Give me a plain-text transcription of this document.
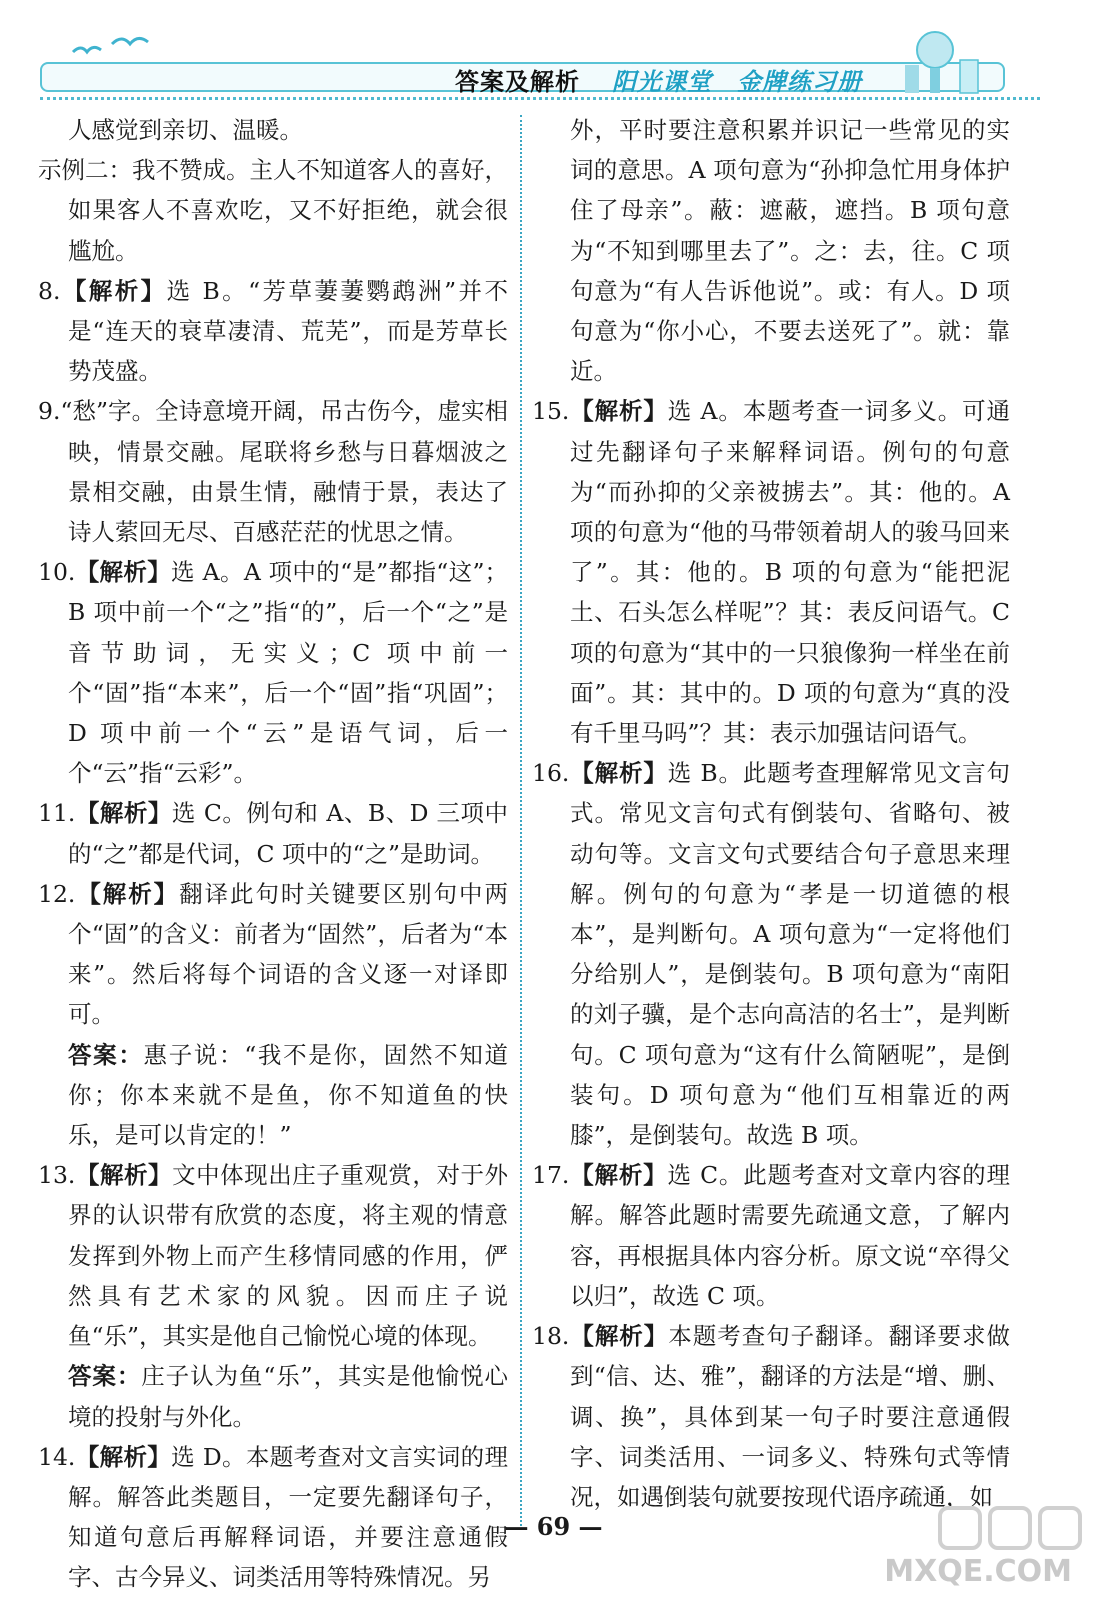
答案及解析 阳光课堂　金牌练习册

人感觉到亲切、温暖。

示例二：我不赞成。主人不知道客人的喜好，如果客人不喜欢吃，又不好拒绝，就会很尴尬。

8.【解析】选 B。“芳草萋萋鹦鹉洲”并不是“连天的衰草凄清、荒芜”，而是芳草长势茂盛。

9.“愁”字。全诗意境开阔，吊古伤今，虚实相映，情景交融。尾联将乡愁与日暮烟波之景相交融，由景生情，融情于景，表达了诗人萦回无尽、百感茫茫的忧思之情。

10.【解析】选 A。A 项中的“是”都指“这”；B 项中前一个“之”指“的”，后一个“之”是音节助词，无实义；C 项中前一个“固”指“本来”，后一个“固”指“巩固”；D 项中前一个“云”是语气词，后一个“云”指“云彩”。

11.【解析】选 C。例句和 A、B、D 三项中的“之”都是代词，C 项中的“之”是助词。

12.【解析】翻译此句时关键要区别句中两个“固”的含义：前者为“固然”，后者为“本来”。然后将每个词语的含义逐一对译即可。

答案：惠子说：“我不是你，固然不知道你；你本来就不是鱼，你不知道鱼的快乐，是可以肯定的！”

13.【解析】文中体现出庄子重观赏，对于外界的认识带有欣赏的态度，将主观的情意发挥到外物上而产生移情同感的作用，俨然具有艺术家的风貌。因而庄子说鱼“乐”，其实是他自己愉悦心境的体现。

答案：庄子认为鱼“乐”，其实是他愉悦心境的投射与外化。

14.【解析】选 D。本题考查对文言实词的理解。解答此类题目，一定要先翻译句子，知道句意后再解释词语，并要注意通假字、古今异义、词类活用等特殊情况。另

外，平时要注意积累并识记一些常见的实词的意思。A 项句意为“孙抑急忙用身体护住了母亲”。蔽：遮蔽，遮挡。B 项句意为“不知到哪里去了”。之：去，往。C 项句意为“有人告诉他说”。或：有人。D 项句意为“你小心，不要去送死了”。就：靠近。

15.【解析】选 A。本题考查一词多义。可通过先翻译句子来解释词语。例句的句意为“而孙抑的父亲被掳去”。其：他的。A 项的句意为“他的马带领着胡人的骏马回来了”。其：他的。B 项的句意为“能把泥土、石头怎么样呢”？其：表反问语气。C 项的句意为“其中的一只狼像狗一样坐在前面”。其：其中的。D 项的句意为“真的没有千里马吗”？其：表示加强诘问语气。

16.【解析】选 B。此题考查理解常见文言句式。常见文言句式有倒装句、省略句、被动句等。文言文句式要结合句子意思来理解。例句的句意为“孝是一切道德的根本”，是判断句。A 项句意为“一定将他们分给别人”，是倒装句。B 项句意为“南阳的刘子骥，是个志向高洁的名士”，是判断句。C 项句意为“这有什么简陋呢”，是倒装句。D 项句意为“他们互相靠近的两膝”，是倒装句。故选 B 项。

17.【解析】选 C。此题考查对文章内容的理解。解答此题时需要先疏通文意，了解内容，再根据具体内容分析。原文说“卒得父以归”，故选 C 项。

18.【解析】本题考查句子翻译。翻译要求做到“信、达、雅”，翻译的方法是“增、删、调、换”，具体到某一句子时要注意通假字、词类活用、一词多义、特殊句式等情况，如遇倒装句就要按现代语序疏通，如

— 69 —
MXQE.COM
